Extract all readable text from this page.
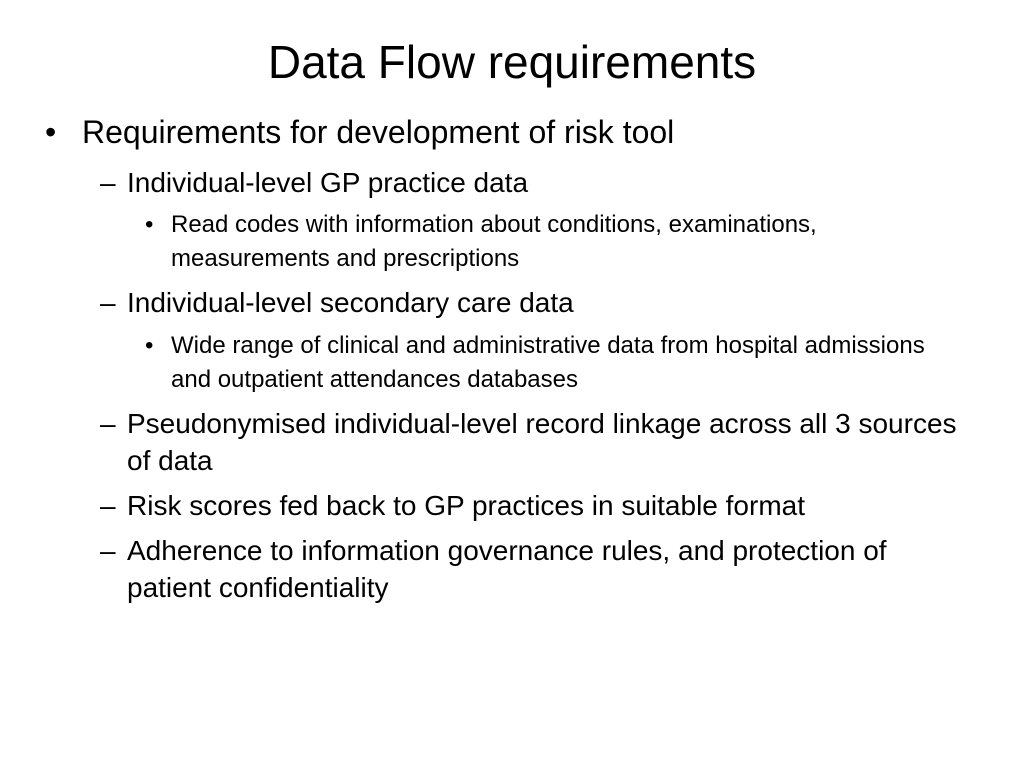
Data Flow requirements
• Requirements for development of risk tool
– Individual-level GP practice data
• Read codes with information about conditions, examinations, measurements and prescriptions
– Individual-level secondary care data
• Wide range of clinical and administrative data from hospital admissions and outpatient attendances databases
– Pseudonymised individual-level record linkage across all 3 sources of data
– Risk scores fed back to GP practices in suitable format
– Adherence to information governance rules, and protection of patient confidentiality
